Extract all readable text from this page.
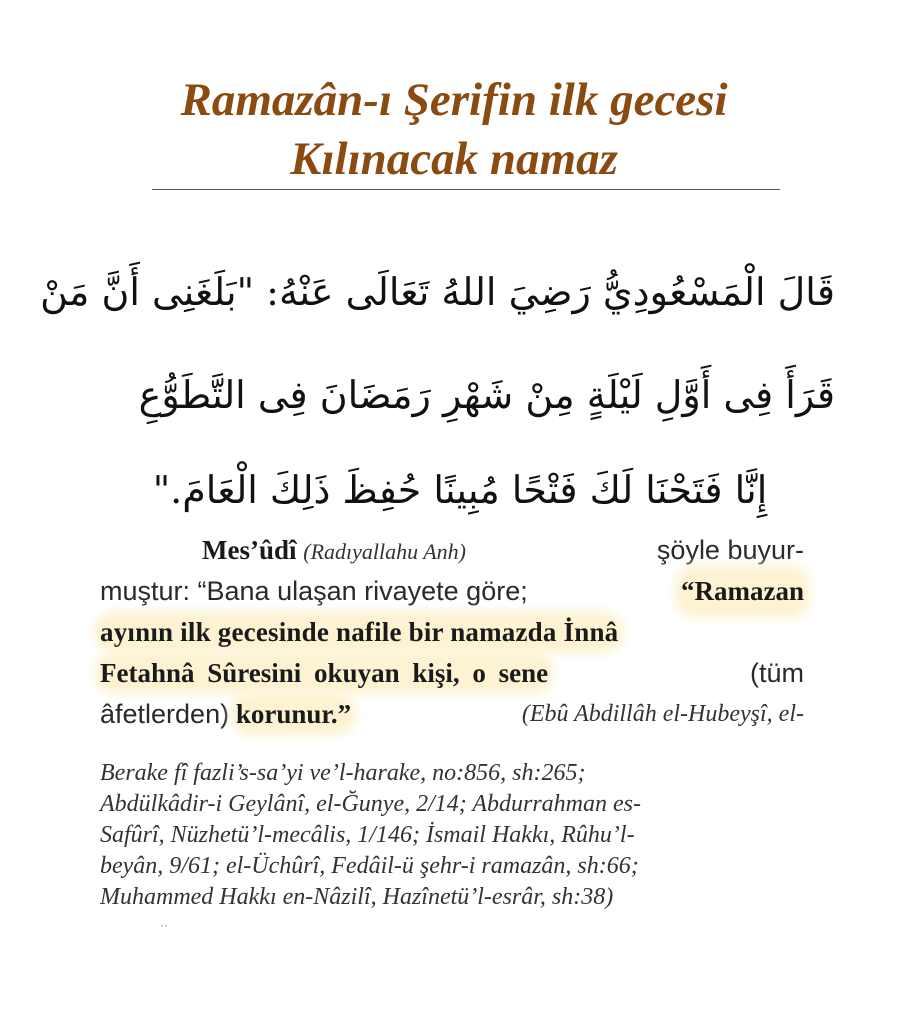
Ramazân-ı Şerifin ilk gecesi
Kılınacak namaz
قَالَ الْمَسْعُودِيُّ رَضِيَ اللهُ تَعَالَى عَنْهُ: "بَلَغَنِى أَنَّ مَنْ
قَرَأَ فِى أَوَّلِ لَيْلَةٍ مِنْ شَهْرِ رَمَضَانَ فِى التَّطَوُّعِ
إِنَّا فَتَحْنَا لَكَ فَتْحًا مُبِينًا حُفِظَ ذَلِكَ الْعَامَ."
Mes’ûdî (Radıyallahu Anh)	şöyle buyur-
muştur: “Bana ulaşan rivayete göre;	“Ramazan
ayının ilk gecesinde nafile bir namazda İnnâ
Fetahnâ Sûresini okuyan kişi, o sene	(tüm
âfetlerden) korunur.”	(Ebû Abdillâh el-Hubeyşî, el-
Berake fî fazli’s-sa’yi ve’l-harake, no:856, sh:265;
Abdülkâdir-i Geylânî, el-Ğunye, 2/14; Abdurrahman es-
Safûrî, Nüzhetü’l-mecâlis, 1/146; İsmail Hakkı, Rûhu’l-
beyân, 9/61; el-Üchûrî, Fedâil-ü şehr-i ramazân, sh:66;
Muhammed Hakkı en-Nâzilî, Hazînetü’l-esrâr, sh:38)
˙˙
